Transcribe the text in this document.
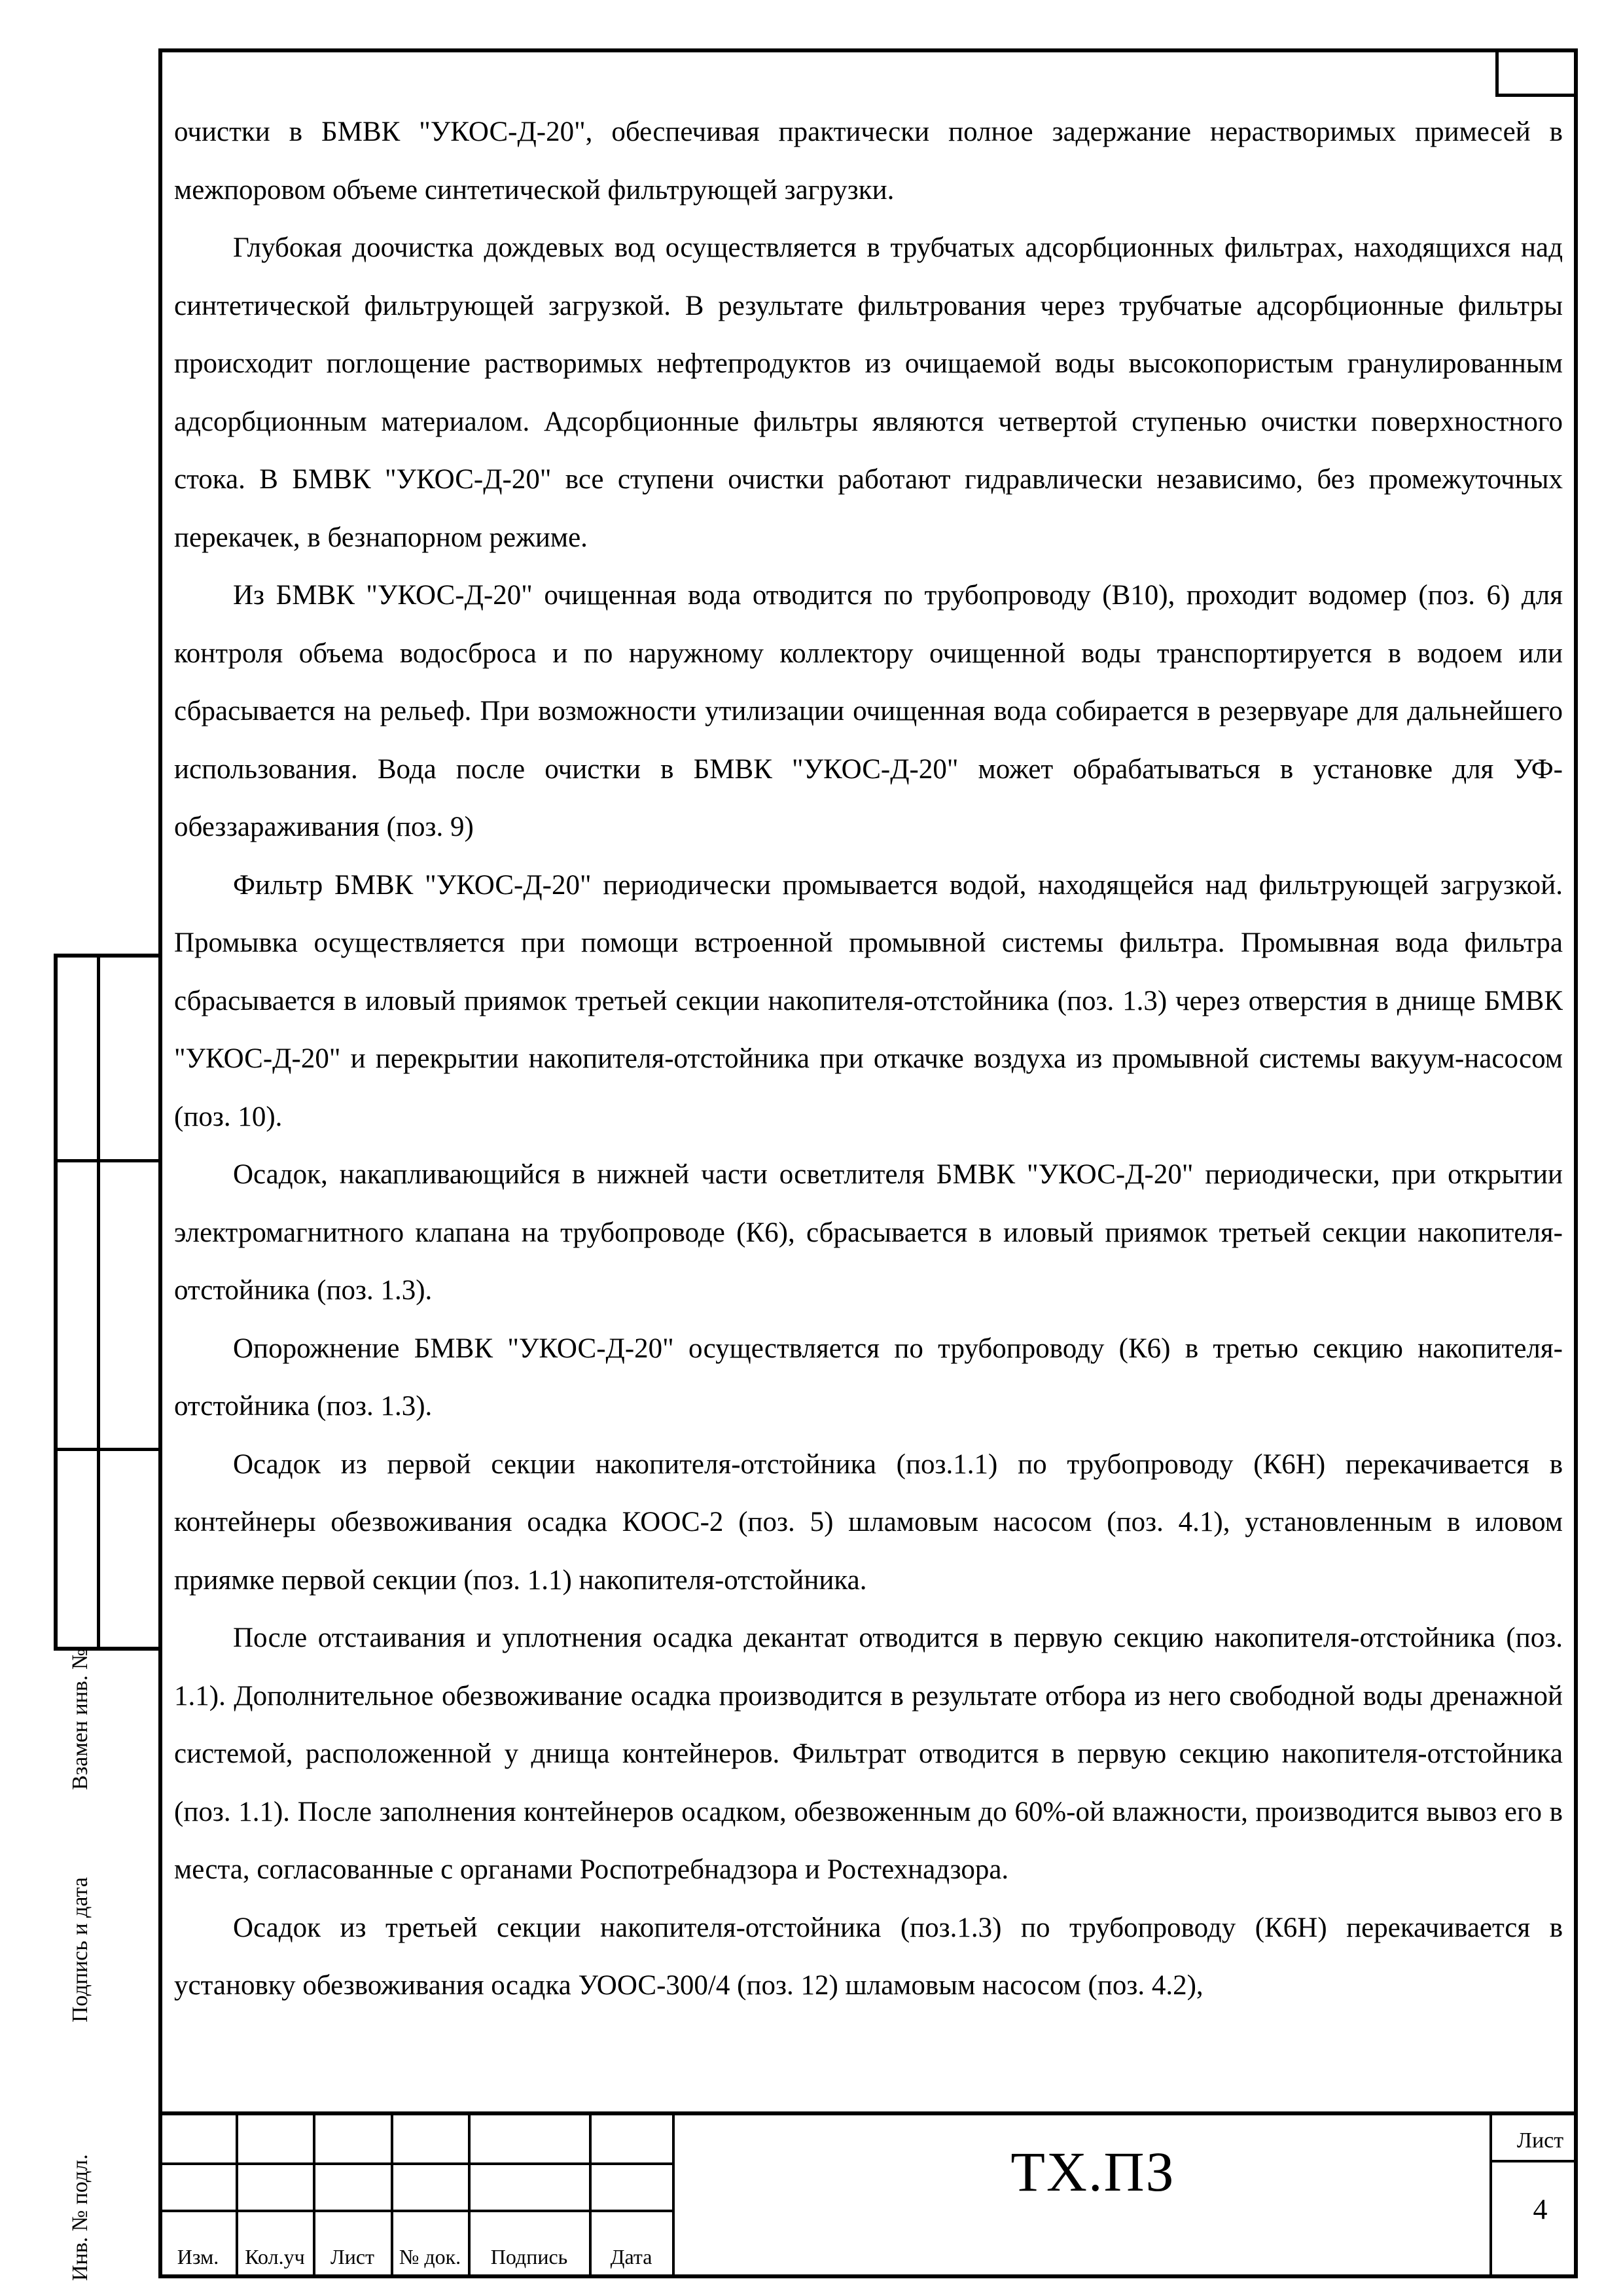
очистки в БМВК "УКОС-Д-20", обеспечивая практически полное задержание нерастворимых примесей в межпоровом объеме синтетической фильтрующей загрузки.

Глубокая доочистка дождевых вод осуществляется в трубчатых адсорбционных фильтрах, находящихся над синтетической фильтрующей загрузкой. В результате фильтрования через трубчатые адсорбционные фильтры происходит поглощение растворимых нефтепродуктов из очищаемой воды высокопористым гранулированным адсорбционным материалом. Адсорбционные фильтры являются четвертой ступенью очистки поверхностного стока. В БМВК "УКОС-Д-20" все ступени очистки работают гидравлически независимо, без промежуточных перекачек, в безнапорном режиме.

Из БМВК "УКОС-Д-20" очищенная вода отводится по трубопроводу (В10), проходит водомер (поз. 6) для контроля объема водосброса и по наружному коллектору очищенной воды транспортируется в водоем или сбрасывается на рельеф. При возможности утилизации очищенная вода собирается в резервуаре для дальнейшего использования. Вода после очистки в БМВК "УКОС-Д-20" может обрабатываться в установке для УФ-обеззараживания (поз. 9)

Фильтр БМВК "УКОС-Д-20" периодически промывается водой, находящейся над фильтрующей загрузкой. Промывка осуществляется при помощи встроенной промывной системы фильтра. Промывная вода фильтра сбрасывается в иловый приямок третьей секции накопителя-отстойника (поз. 1.3) через отверстия в днище БМВК "УКОС-Д-20" и перекрытии накопителя-отстойника при откачке воздуха из промывной системы вакуум-насосом (поз. 10).

Осадок, накапливающийся в нижней части осветлителя БМВК "УКОС-Д-20" периодически, при открытии электромагнитного клапана на трубопроводе (К6), сбрасывается в иловый приямок третьей секции накопителя-отстойника (поз. 1.3).

Опорожнение БМВК "УКОС-Д-20" осуществляется по трубопроводу (К6) в третью секцию накопителя-отстойника (поз. 1.3).

Осадок из первой секции накопителя-отстойника (поз.1.1) по трубопроводу (К6Н) перекачивается в контейнеры обезвоживания осадка КООС-2 (поз. 5) шламовым насосом (поз. 4.1), установленным в иловом приямке первой секции (поз. 1.1) накопителя-отстойника.

После отстаивания и уплотнения осадка декантат отводится в первую секцию накопителя-отстойника (поз. 1.1). Дополнительное обезвоживание осадка производится в результате отбора из него свободной воды дренажной системой, расположенной у днища контейнеров. Фильтрат отводится в первую секцию накопителя-отстойника (поз. 1.1). После заполнения контейнеров осадком, обезвоженным до 60%-ой влажности, производится вывоз его в места, согласованные с органами Роспотребнадзора и Ростехнадзора.

Осадок из третьей секции накопителя-отстойника (поз.1.3) по трубопроводу (К6Н) перекачивается в установку обезвоживания осадка УООС-300/4 (поз. 12) шламовым насосом (поз. 4.2),

Взамен инв. №
Подпись и дата
Инв. № подл.	Изм.	Кол.уч	Лист	№ док.	Подпись	Дата
ТХ.ПЗ	Лист
4
